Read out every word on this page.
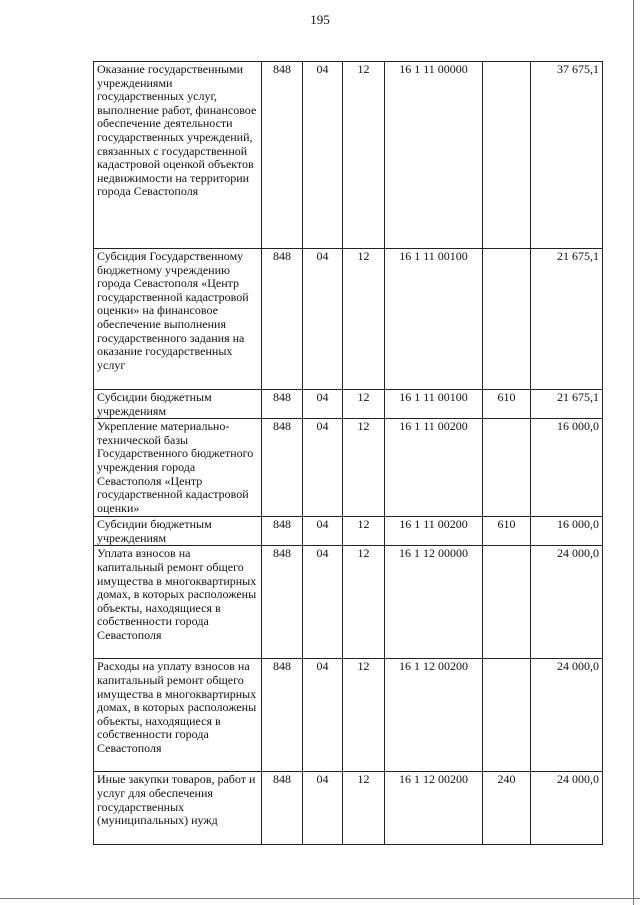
195
Оказание государственными учреждениями государственных услуг, выполнение работ, финансовое обеспечение деятельности государственных учреждений, связанных с государственной кадастровой оценкой объектов недвижимости на территории города Севастополя	848	04	12	16 1 11 00000		37 675,1
Субсидия Государственному бюджетному учреждению города Севастополя «Центр государственной кадастровой оценки» на финансовое обеспечение выполнения государственного задания на оказание государственных услуг	848	04	12	16 1 11 00100		21 675,1
Субсидии бюджетным учреждениям	848	04	12	16 1 11 00100	610	21 675,1
Укрепление материально-технической базы Государственного бюджетного учреждения города Севастополя «Центр государственной кадастровой оценки»	848	04	12	16 1 11 00200		16 000,0
Субсидии бюджетным учреждениям	848	04	12	16 1 11 00200	610	16 000,0
Уплата взносов на капитальный ремонт общего имущества в многоквартирных домах, в которых расположены объекты, находящиеся в собственности города Севастополя	848	04	12	16 1 12 00000		24 000,0
Расходы на уплату взносов на капитальный ремонт общего имущества в многоквартирных домах, в которых расположены объекты, находящиеся в собственности города Севастополя	848	04	12	16 1 12 00200		24 000,0
Иные закупки товаров, работ и услуг для обеспечения государственных (муниципальных) нужд	848	04	12	16 1 12 00200	240	24 000,0
